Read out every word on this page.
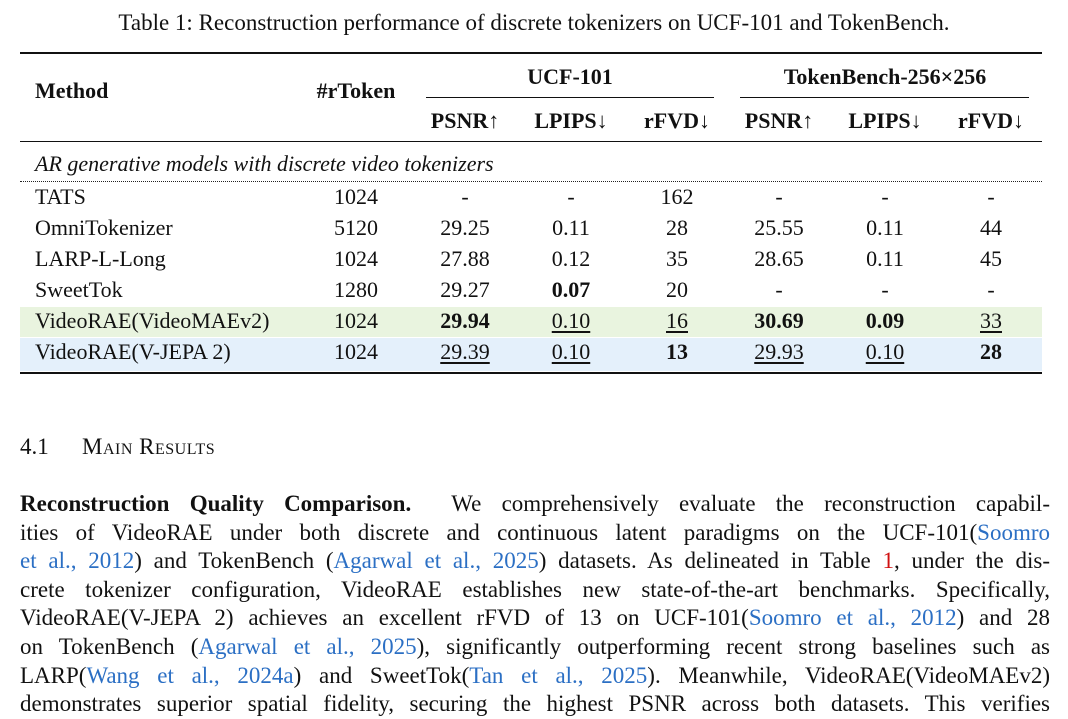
Table 1: Reconstruction performance of discrete tokenizers on UCF-101 and TokenBench.
Method	#rToken
UCF-101	TokenBench-256×256
PSNR↑ LPIPS↓ rFVD↓ PSNR↑ LPIPS↓ rFVD↓
AR generative models with discrete video tokenizers
TATS	1024	-	-	162	-	-	-
OmniTokenizer	5120	29.25	0.11	28	25.55	0.11	44
LARP-L-Long	1024	27.88	0.12	35	28.65	0.11	45
SweetTok	1280	29.27	0.07	20	-	-	-
VideoRAE(VideoMAEv2)	1024	29.94	0.10	16	30.69	0.09	33
VideoRAE(V-JEPA 2)	1024	29.39	0.10	13	29.93	0.10	28
4.1 Main Results
Reconstruction Quality Comparison. We comprehensively evaluate the reconstruction capabil-
ities of VideoRAE under both discrete and continuous latent paradigms on the UCF-101(Soomro
et al., 2012) and TokenBench (Agarwal et al., 2025) datasets. As delineated in Table 1, under the dis-
crete tokenizer configuration, VideoRAE establishes new state-of-the-art benchmarks. Specifically,
VideoRAE(V-JEPA 2) achieves an excellent rFVD of 13 on UCF-101(Soomro et al., 2012) and 28
on TokenBench (Agarwal et al., 2025), significantly outperforming recent strong baselines such as
LARP(Wang et al., 2024a) and SweetTok(Tan et al., 2025). Meanwhile, VideoRAE(VideoMAEv2)
demonstrates superior spatial fidelity, securing the highest PSNR across both datasets. This verifies
